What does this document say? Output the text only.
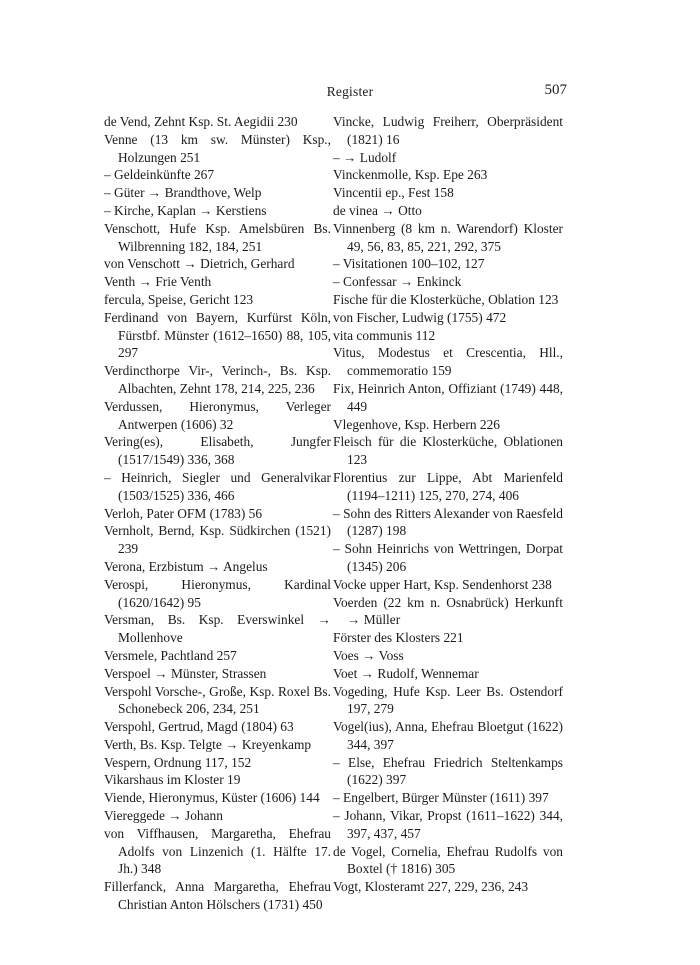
Register	507
de Vend, Zehnt Ksp. St. Aegidii 230
Venne (13 km sw. Münster) Ksp., Holzungen 251
– Geldeinkünfte 267
– Güter → Brandthove, Welp
– Kirche, Kaplan → Kerstiens
Venschott, Hufe Ksp. Amelsbüren Bs. Wilbrenning 182, 184, 251
von Venschott → Dietrich, Gerhard
Venth → Frie Venth
fercula, Speise, Gericht 123
Ferdinand von Bayern, Kurfürst Köln, Fürstbf. Münster (1612–1650) 88, 105, 297
Verdincthorpe Vir-, Verinch-, Bs. Ksp. Albachten, Zehnt 178, 214, 225, 236
Verdussen, Hieronymus, Verleger Antwerpen (1606) 32
Vering(es), Elisabeth, Jungfer (1517/1549) 336, 368
– Heinrich, Siegler und Generalvikar (1503/1525) 336, 466
Verloh, Pater OFM (1783) 56
Vernholt, Bernd, Ksp. Südkirchen (1521) 239
Verona, Erzbistum → Angelus
Verospi, Hieronymus, Kardinal (1620/1642) 95
Versman, Bs. Ksp. Everswinkel → Mollenhove
Versmele, Pachtland 257
Verspoel → Münster, Strassen
Verspohl Vorsche-, Große, Ksp. Roxel Bs. Schonebeck 206, 234, 251
Verspohl, Gertrud, Magd (1804) 63
Verth, Bs. Ksp. Telgte → Kreyenkamp
Vespern, Ordnung 117, 152
Vikarshaus im Kloster 19
Viende, Hieronymus, Küster (1606) 144
Viereggede → Johann
von Viffhausen, Margaretha, Ehefrau Adolfs von Linzenich (1. Hälfte 17. Jh.) 348
Fillerfanck, Anna Margaretha, Ehefrau Christian Anton Hölschers (1731) 450
Vincke, Ludwig Freiherr, Oberpräsident (1821) 16
– → Ludolf
Vinckenmolle, Ksp. Epe 263
Vincentii ep., Fest 158
de vinea → Otto
Vinnenberg (8 km n. Warendorf) Kloster 49, 56, 83, 85, 221, 292, 375
– Visitationen 100–102, 127
– Confessar → Enkinck
Fische für die Klosterküche, Oblation 123
von Fischer, Ludwig (1755) 472
vita communis 112
Vitus, Modestus et Crescentia, Hll., commemoratio 159
Fix, Heinrich Anton, Offiziant (1749) 448, 449
Vlegenhove, Ksp. Herbern 226
Fleisch für die Klosterküche, Oblationen 123
Florentius zur Lippe, Abt Marienfeld (1194–1211) 125, 270, 274, 406
– Sohn des Ritters Alexander von Raesfeld (1287) 198
– Sohn Heinrichs von Wettringen, Dorpat (1345) 206
Vocke upper Hart, Ksp. Sendenhorst 238
Voerden (22 km n. Osnabrück) Herkunft → Müller
Förster des Klosters 221
Voes → Voss
Voet → Rudolf, Wennemar
Vogeding, Hufe Ksp. Leer Bs. Ostendorf 197, 279
Vogel(ius), Anna, Ehefrau Bloetgut (1622) 344, 397
– Else, Ehefrau Friedrich Steltenkamps (1622) 397
– Engelbert, Bürger Münster (1611) 397
– Johann, Vikar, Propst (1611–1622) 344, 397, 437, 457
de Vogel, Cornelia, Ehefrau Rudolfs von Boxtel († 1816) 305
Vogt, Klosteramt 227, 229, 236, 243
